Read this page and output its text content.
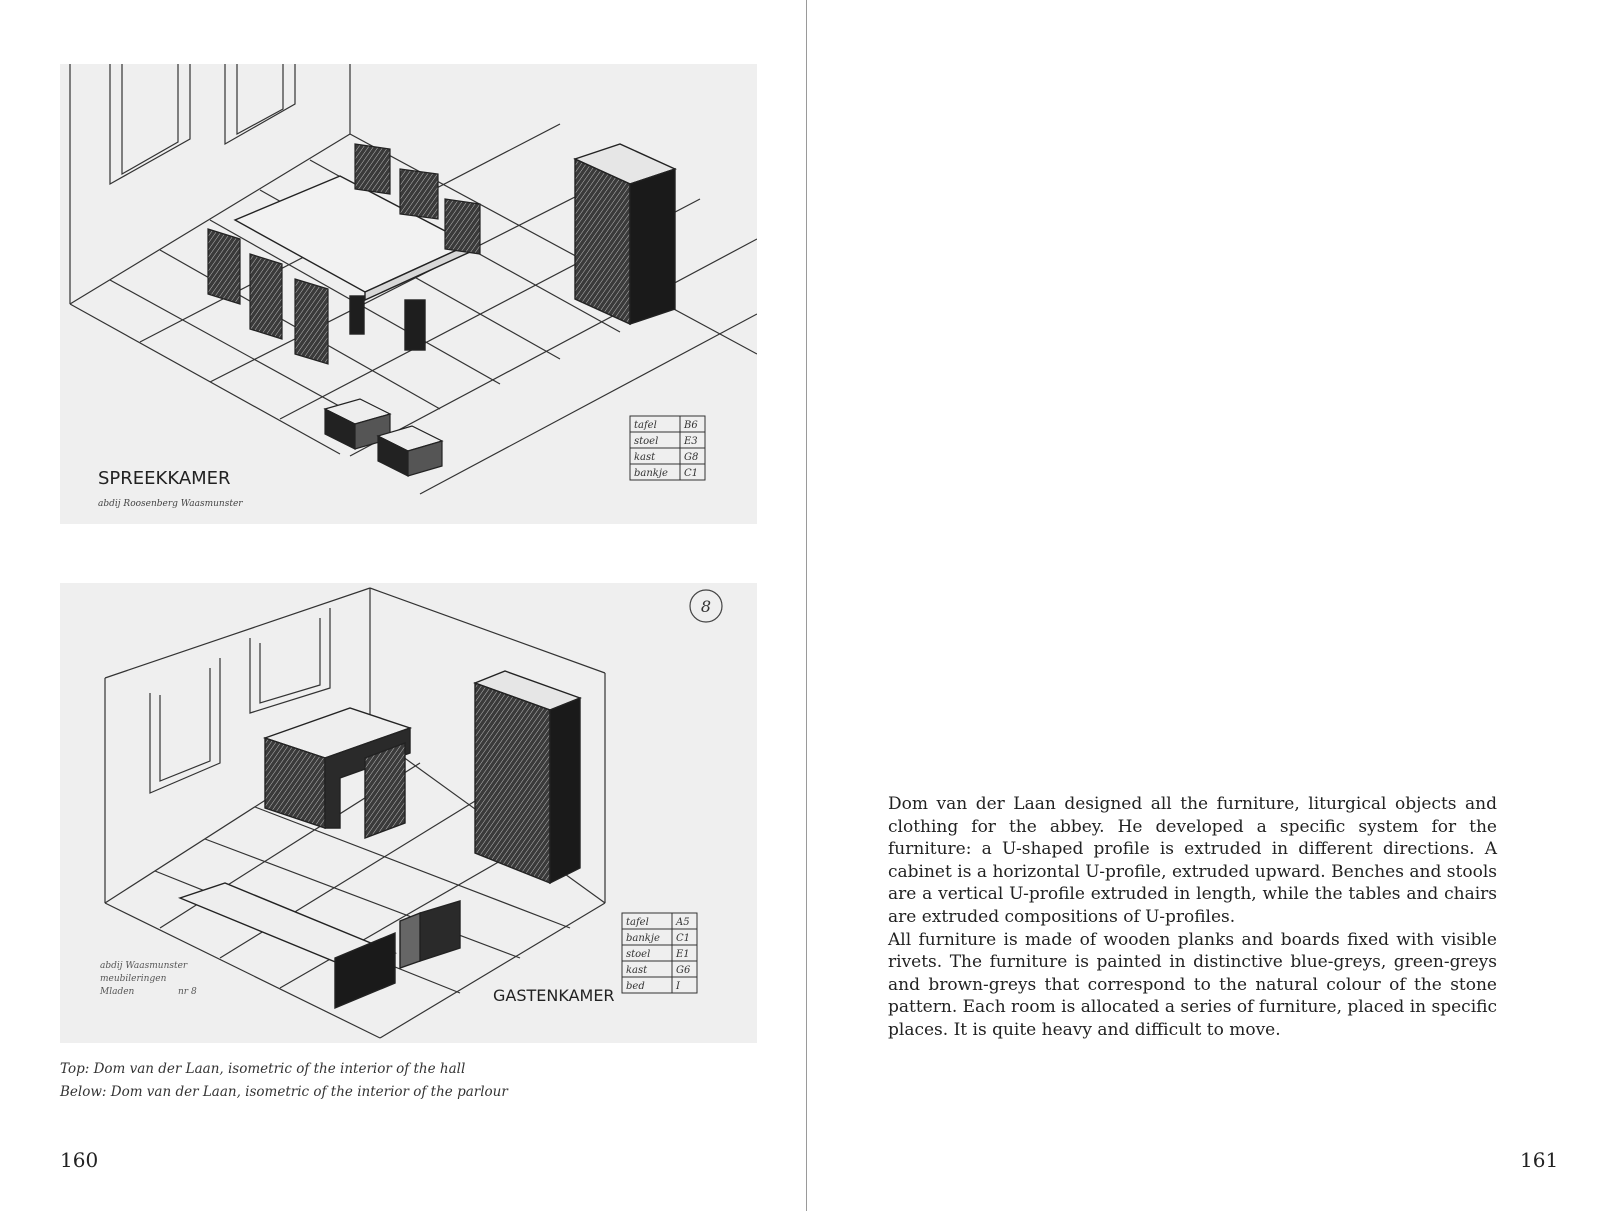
tafel	B6
stoel	E3
kast	G8
bankje C1
SPREEKKAMER
abdij Roosenberg Waasmunster
8
tafel	A5
bankje C1
stoel	E1
kast	G6
bed	I
GASTENKAMER
abdij Waasmunster
meubileringen
Mladen	nr 8
Top: Dom van der Laan, isometric of the interior of the hall
Below: Dom van der Laan, isometric of the interior of the parlour
160

Dom van der Laan designed all the furniture, liturgical objects and clothing for the abbey. He developed a specific system for the furniture: a U-shaped profile is extruded in different directions. A cabinet is a horizontal U-profile, extruded upward. Benches and stools are a vertical U-profile extruded in length, while the tables and chairs are extruded compositions of U-profiles.

All furniture is made of wooden planks and boards fixed with visible rivets. The furniture is painted in distinctive blue-greys, green-greys and brown-greys that correspond to the natural colour of the stone pattern. Each room is allocated a series of furniture, placed in specific places. It is quite heavy and difficult to move.

161
